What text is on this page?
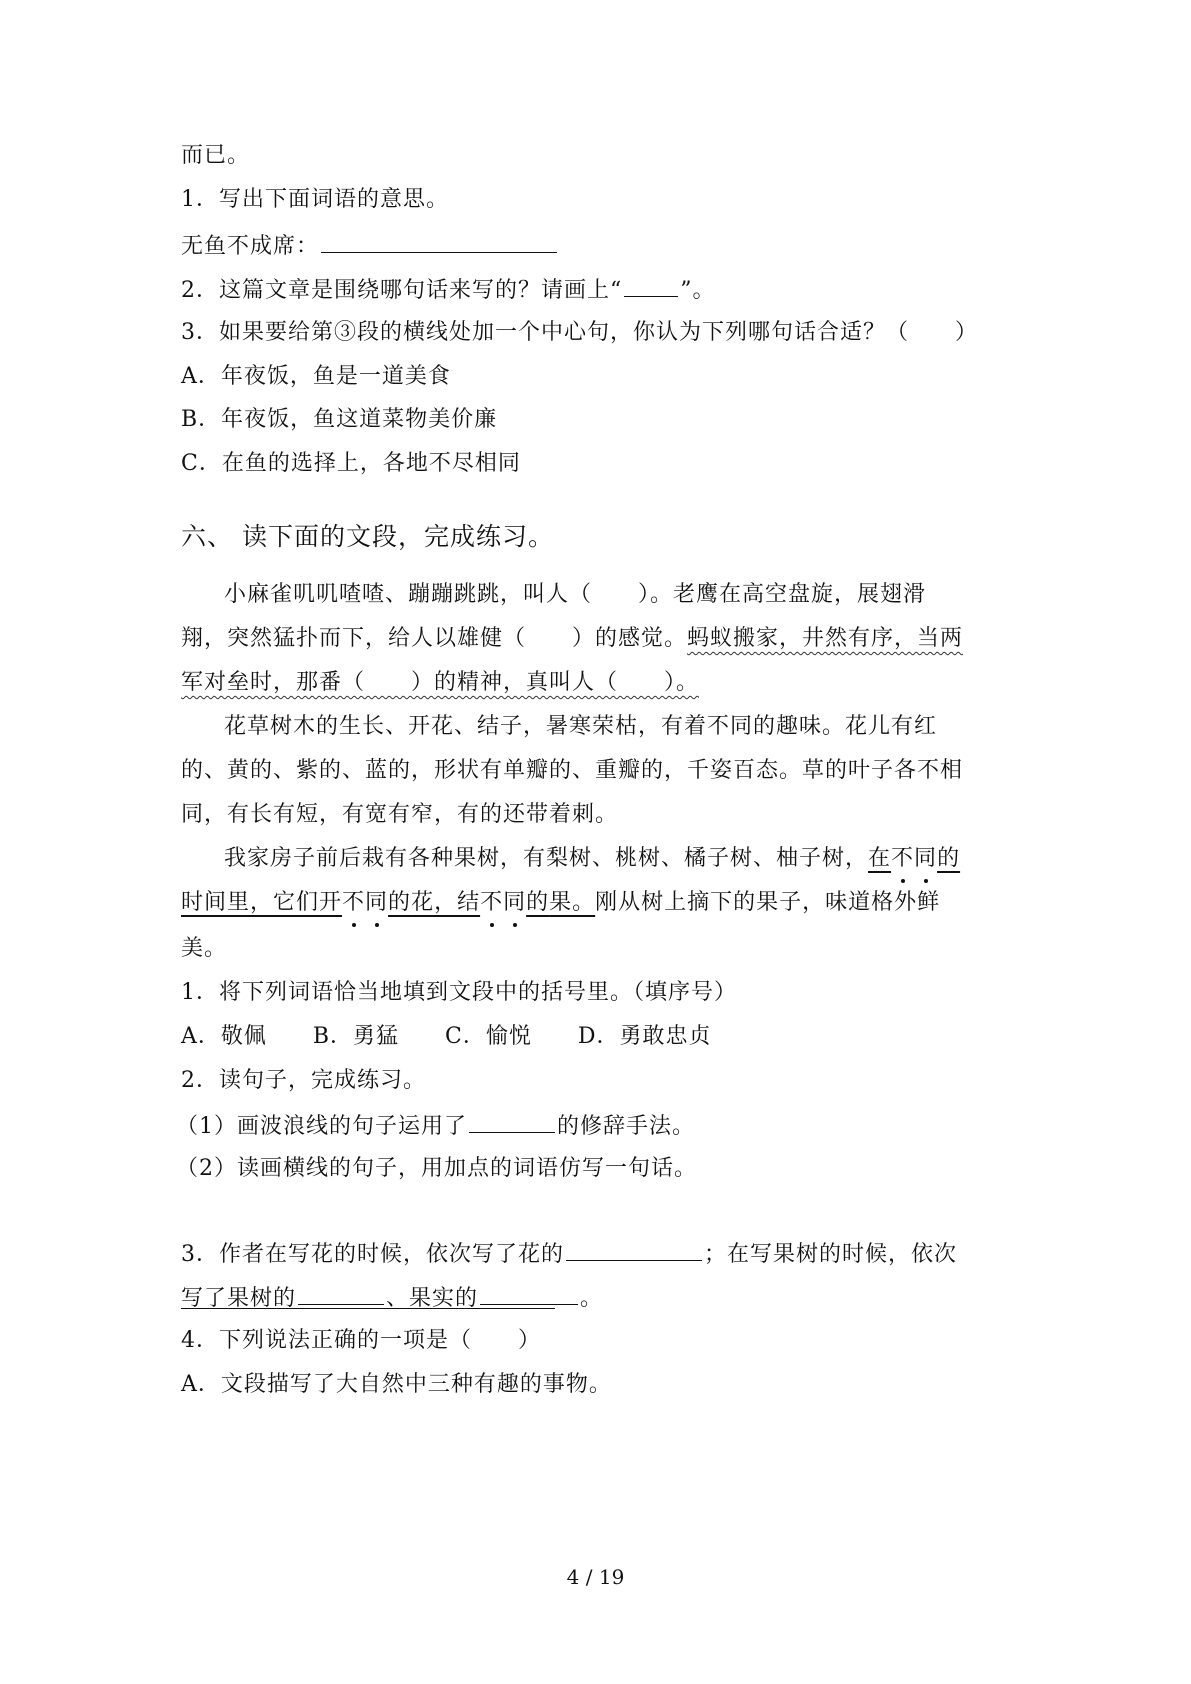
而已。
1．写出下面词语的意思。
无鱼不成席：
2．这篇文章是围绕哪句话来写的？请画上“	”。
3．如果要给第③段的横线处加一个中心句，你认为下列哪句话合适？（　　）
A．年夜饭，鱼是一道美食
B．年夜饭，鱼这道菜物美价廉
C．在鱼的选择上，各地不尽相同
六、 读下面的文段，完成练习。
小麻雀叽叽喳喳、蹦蹦跳跳，叫人（　　）。老鹰在高空盘旋，展翅滑
翔，突然猛扑而下，给人以雄健（　　）的感觉。蚂蚁搬家，井然有序，当两
军对垒时，那番（　　）的精神，真叫人（　　）。
花草树木的生长、开花、结子，暑寒荣枯，有着不同的趣味。花儿有红
的、黄的、紫的、蓝的，形状有单瓣的、重瓣的，千姿百态。草的叶子各不相
同，有长有短，有宽有窄，有的还带着刺。
我家房子前后栽有各种果树，有梨树、桃树、橘子树、柚子树，在不同的
时间里，它们开不同的花，结不同的果。刚从树上摘下的果子，味道格外鲜
美。
1．将下列词语恰当地填到文段中的括号里。（填序号）
A．敬佩　　B．勇猛　　C．愉悦　　D．勇敢忠贞
2．读句子，完成练习。
（1）画波浪线的句子运用了	的修辞手法。
（2）读画横线的句子，用加点的词语仿写一句话。
3．作者在写花的时候，依次写了花的	；在写果树的时候，依次
写了果树的	、果实的	。
4．下列说法正确的一项是（　　）
A．文段描写了大自然中三种有趣的事物。
4 / 19
